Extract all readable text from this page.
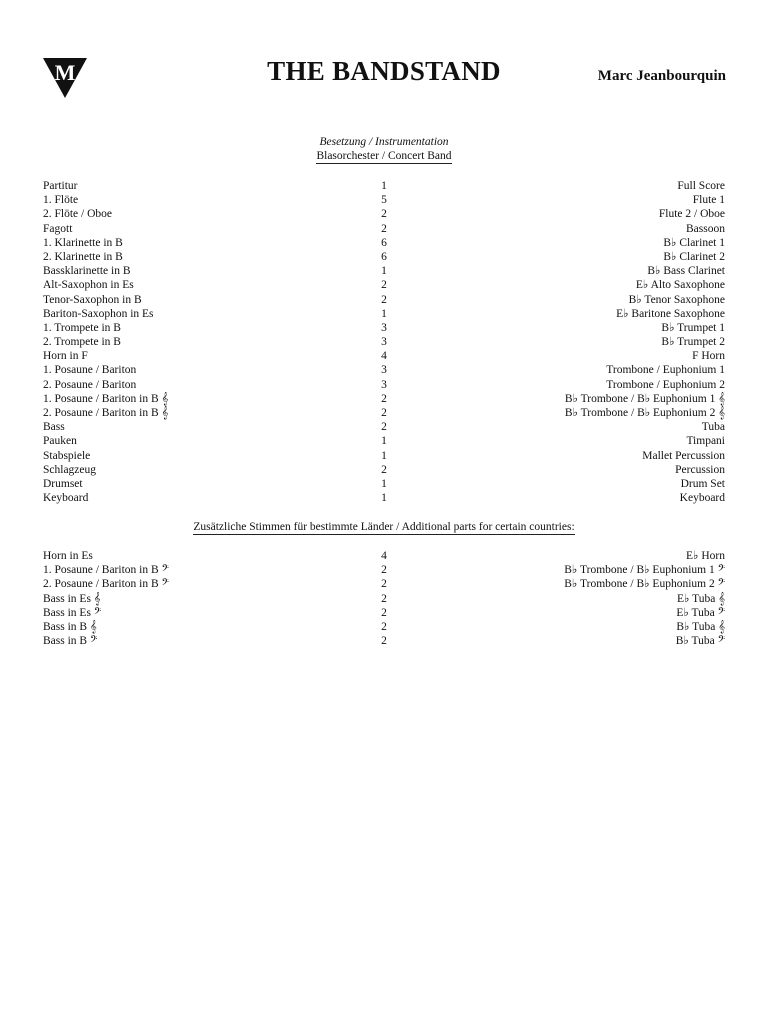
M	THE BANDSTAND	Marc Jeanbourquin
Besetzung / Instrumentation
Blasorchester / Concert Band
Partitur	1	Full Score
1. Flöte	5	Flute 1
2. Flöte / Oboe	2	Flute 2 / Oboe
Fagott	2	Bassoon
1. Klarinette in B	6	B♭ Clarinet 1
2. Klarinette in B	6	B♭ Clarinet 2
Bassklarinette in B	1	B♭ Bass Clarinet
Alt-Saxophon in Es	2	E♭ Alto Saxophone
Tenor-Saxophon in B	2	B♭ Tenor Saxophone
Bariton-Saxophon in Es	1	E♭ Baritone Saxophone
1. Trompete in B	3	B♭ Trumpet 1
2. Trompete in B	3	B♭ Trumpet 2
Horn in F	4	F Horn
1. Posaune / Bariton	3	Trombone / Euphonium 1
2. Posaune / Bariton	3	Trombone / Euphonium 2
1. Posaune / Bariton in B 𝄞	2	B♭ Trombone / B♭ Euphonium 1 𝄞
2. Posaune / Bariton in B 𝄞	2	B♭ Trombone / B♭ Euphonium 2 𝄞
Bass	2	Tuba
Pauken	1	Timpani
Stabspiele	1	Mallet Percussion
Schlagzeug	2	Percussion
Drumset	1	Drum Set
Keyboard	1	Keyboard
Zusätzliche Stimmen für bestimmte Länder / Additional parts for certain countries:
Horn in Es	4	E♭ Horn
1. Posaune / Bariton in B 𝄢	2	B♭ Trombone / B♭ Euphonium 1 𝄢
2. Posaune / Bariton in B 𝄢	2	B♭ Trombone / B♭ Euphonium 2 𝄢
Bass in Es 𝄞	2	E♭ Tuba 𝄞
Bass in Es 𝄢	2	E♭ Tuba 𝄢
Bass in B 𝄞	2	B♭ Tuba 𝄞
Bass in B 𝄢	2	B♭ Tuba 𝄢
